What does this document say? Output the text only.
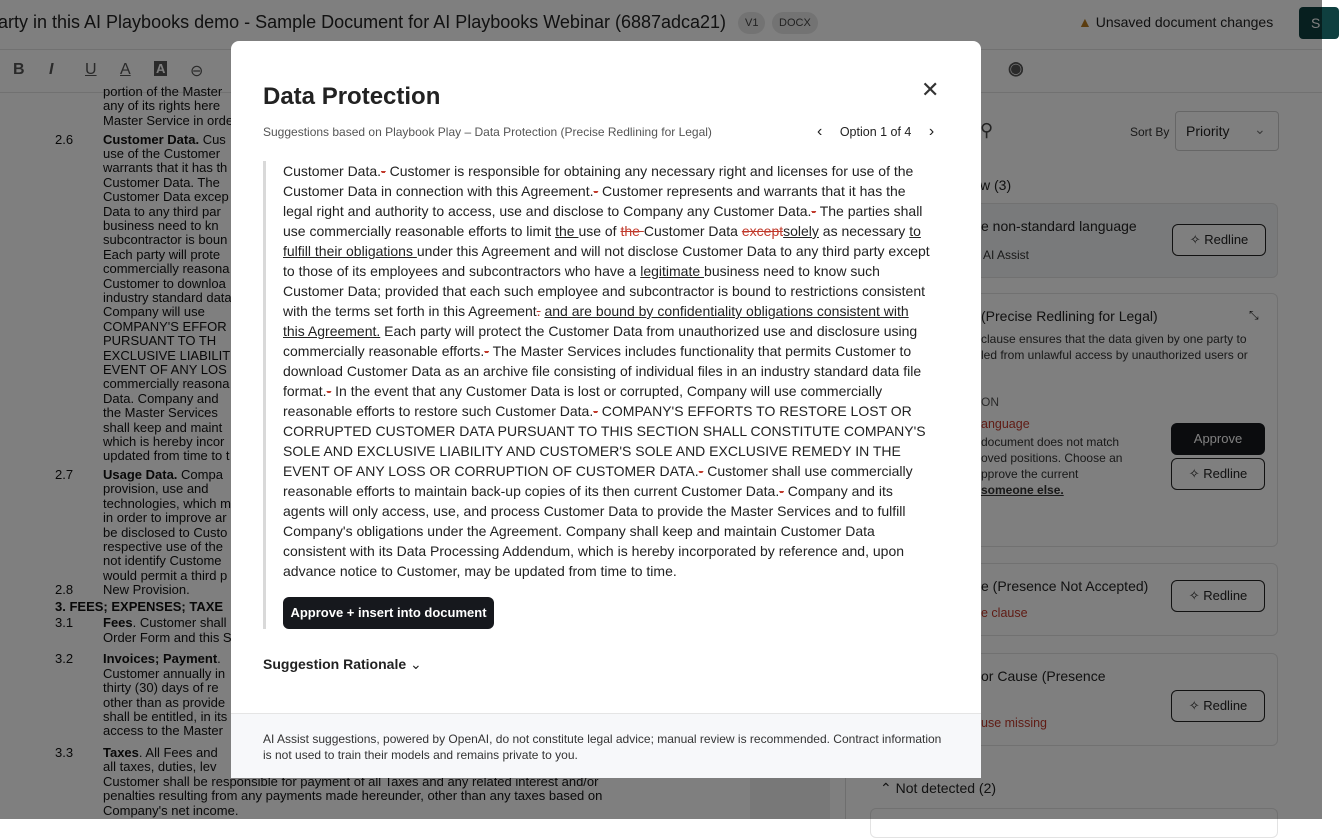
Data Protection	✕
Suggestions based on Playbook Play – Data Protection (Precise Redlining for Legal)	‹ Option 1 of 4 ›
Customer Data.- Customer is responsible for obtaining any necessary right and licenses for use of the Customer Data in connection with this Agreement.- Customer represents and warrants that it has the legal right and authority to access, use and disclose to Company any Customer Data.- The parties shall use commercially reasonable efforts to limit the use of the Customer Data exceptsolely as necessary to fulfill their obligations under this Agreement and will not disclose Customer Data to any third party except to those of its employees and subcontractors who have a legitimate business need to know such Customer Data; provided that each such employee and subcontractor is bound to restrictions consistent with the terms set forth in this Agreement. and are bound by confidentiality obligations consistent with this Agreement. Each party will protect the Customer Data from unauthorized use and disclosure using commercially reasonable efforts.- The Master Services includes functionality that permits Customer to download Customer Data as an archive file consisting of individual files in an industry standard data file format.- In the event that any Customer Data is lost or corrupted, Company will use commercially reasonable efforts to restore such Customer Data.- COMPANY'S EFFORTS TO RESTORE LOST OR CORRUPTED CUSTOMER DATA PURSUANT TO THIS SECTION SHALL CONSTITUTE COMPANY'S SOLE AND EXCLUSIVE LIABILITY AND CUSTOMER'S SOLE AND EXCLUSIVE REMEDY IN THE EVENT OF ANY LOSS OR CORRUPTION OF CUSTOMER DATA.- Customer shall use commercially reasonable efforts to maintain back-up copies of its then current Customer Data.- Company and its agents will only access, use, and process Customer Data to provide the Master Services and to fulfill Company's obligations under the Agreement. Company shall keep and maintain Customer Data consistent with its Data Processing Addendum, which is hereby incorporated by reference and, upon advance notice to Customer, may be updated from time to time.
Approve + insert into document
Suggestion Rationale ⌄
AI Assist suggestions, powered by OpenAI, do not constitute legal advice; manual review is recommended. Contract information is not used to train their models and remains private to you.
